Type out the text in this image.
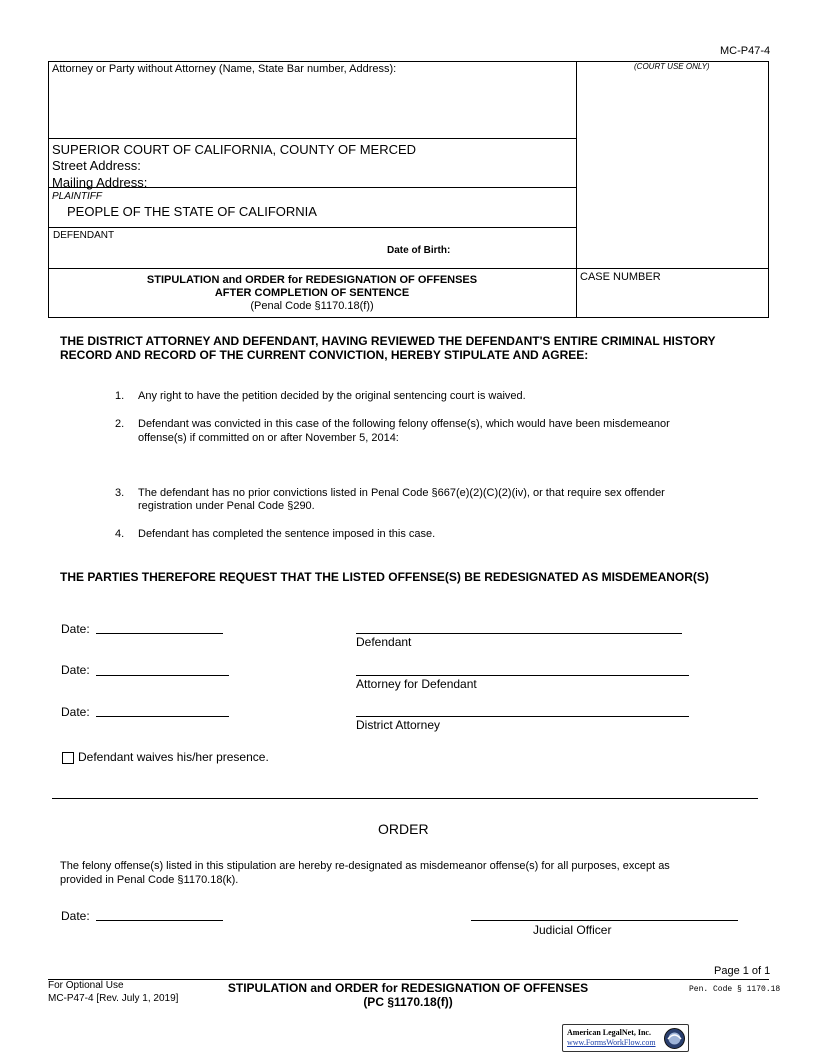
MC-P47-4
Attorney or Party without Attorney (Name, State Bar number, Address):	(COURT USE ONLY)
SUPERIOR COURT OF CALIFORNIA, COUNTY OF MERCED
Street Address:
Mailing Address:
PLAINTIFF
PEOPLE OF THE STATE OF CALIFORNIA
DEFENDANT
Date of Birth:
STIPULATION and ORDER for REDESIGNATION OF OFFENSES
AFTER COMPLETION OF SENTENCE
(Penal Code §1170.18(f))
CASE NUMBER
THE DISTRICT ATTORNEY AND DEFENDANT, HAVING REVIEWED THE DEFENDANT'S ENTIRE CRIMINAL HISTORY
RECORD AND RECORD OF THE CURRENT CONVICTION, HEREBY STIPULATE AND AGREE:
1. Any right to have the petition decided by the original sentencing court is waived.
2. Defendant was convicted in this case of the following felony offense(s), which would have been misdemeanor
offense(s) if committed on or after November 5, 2014:
3. The defendant has no prior convictions listed in Penal Code §667(e)(2)(C)(2)(iv), or that require sex offender
registration under Penal Code §290.
4. Defendant has completed the sentence imposed in this case.
THE PARTIES THEREFORE REQUEST THAT THE LISTED OFFENSE(S) BE REDESIGNATED AS MISDEMEANOR(S)
Date:
Defendant
Date:
Attorney for Defendant
Date:
District Attorney
Defendant waives his/her presence.
ORDER
The felony offense(s) listed in this stipulation are hereby re-designated as misdemeanor offense(s) for all purposes, except as
provided in Penal Code §1170.18(k).
Date:
Judicial Officer
Page 1 of 1
For Optional Use
MC-P47-4 [Rev. July 1, 2019]
STIPULATION and ORDER for REDESIGNATION OF OFFENSES
(PC §1170.18(f))
Pen. Code § 1170.18
American LegalNet, Inc.
www.FormsWorkFlow.com
